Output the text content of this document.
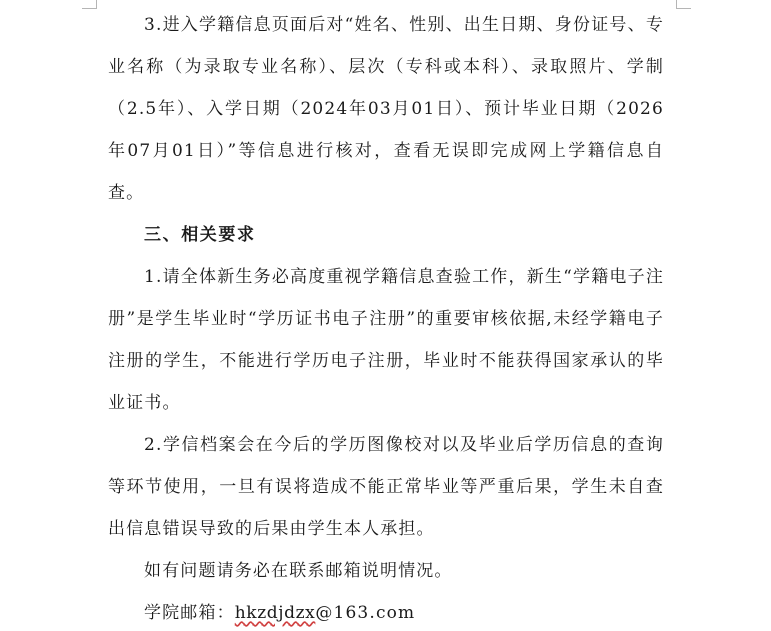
3.进入学籍信息页面后对“姓名、性别、出生日期、身份证号、专业名称（为录取专业名称）、层次（专科或本科）、录取照片、学制（2.5年）、入学日期（2024年03月01日）、预计毕业日期（2026年07月01日）”等信息进行核对，查看无误即完成网上学籍信息自查。

三、相关要求

1.请全体新生务必高度重视学籍信息查验工作，新生“学籍电子注册”是学生毕业时“学历证书电子注册”的重要审核依据,未经学籍电子注册的学生，不能进行学历电子注册，毕业时不能获得国家承认的毕业证书。

2.学信档案会在今后的学历图像校对以及毕业后学历信息的查询等环节使用，一旦有误将造成不能正常毕业等严重后果，学生未自查出信息错误导致的后果由学生本人承担。

如有问题请务必在联系邮箱说明情况。

学院邮箱：hkzdjdzx@163.com
